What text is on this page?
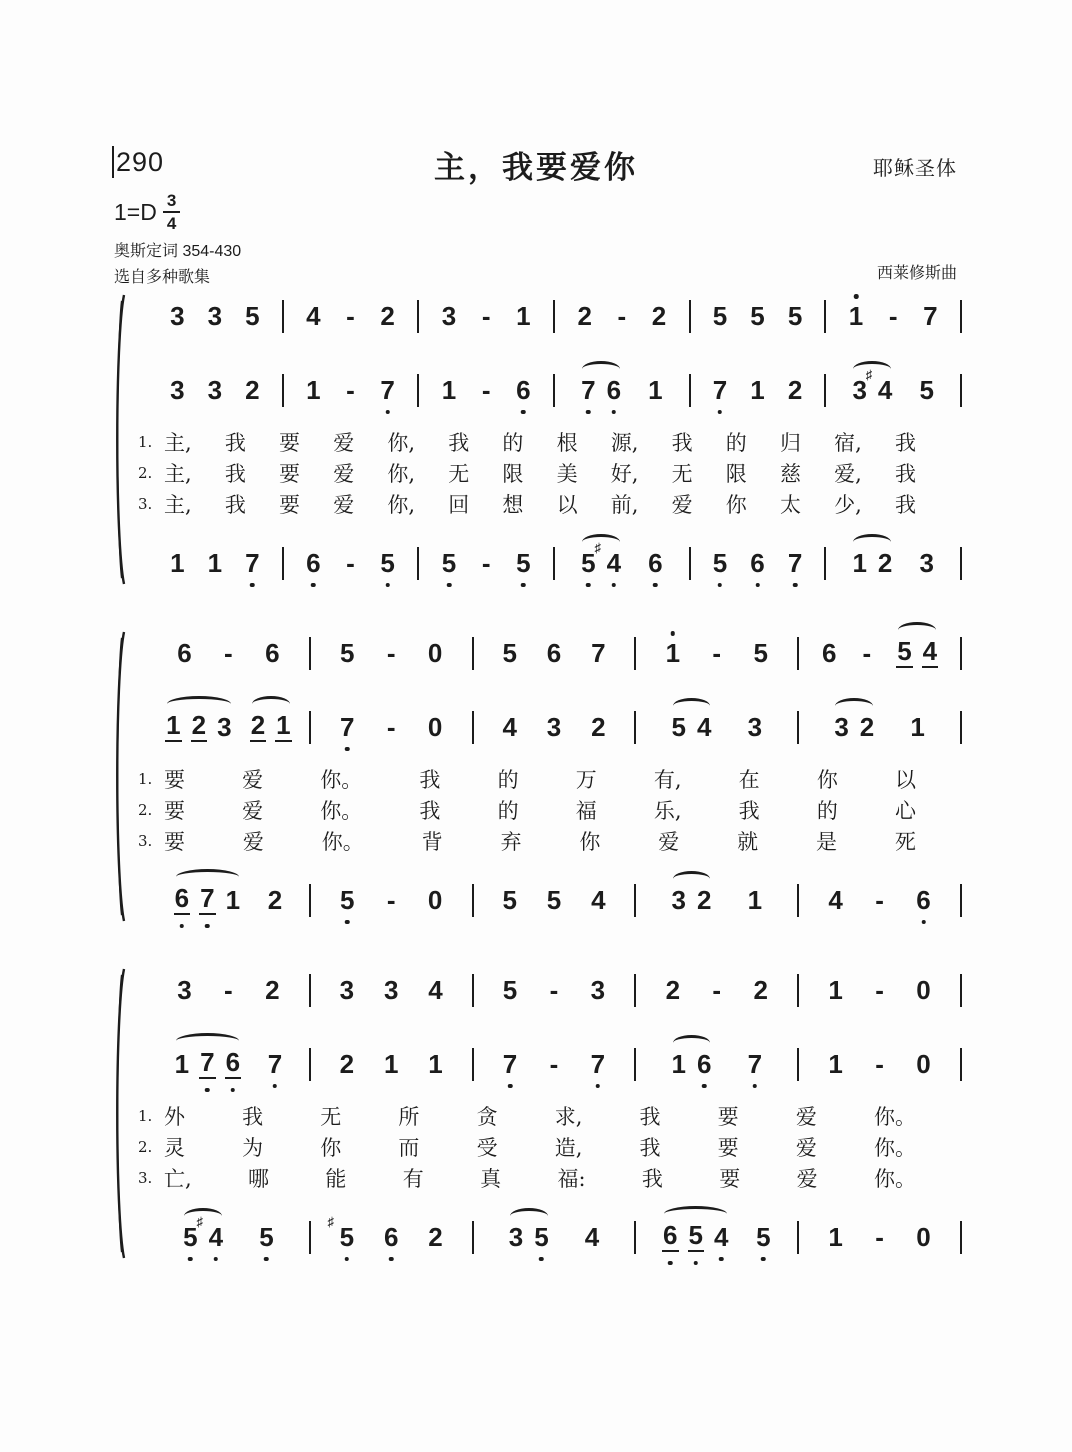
290	主，我要爱你	耶稣圣体
$1=D \frac{3}{4}$
奥斯定词 354-430
选自多种歌集	西莱修斯曲
3 3 5 4 - 2 3 - 1 2 - 2 5 5 5 1 - 7
3 3 2 1 - 7 1 - 6 7 6 1 7 1 2 3
♯
4 5
1. 主, 我 要 爱 你, 我 的 根 源, 我 的 归 宿, 我
2. 主, 我 要 爱 你, 无 限 美 好, 无 限 慈 爱, 我
3. 主, 我 要 爱 你, 回 想 以 前, 爱 你 太 少, 我
1 1 7 6 - 5 5 - 5 5
♯
4 6 5 6 7 1 2 3
6 - 6 5 - 0 5 6 7 1 - 5 6 - 5 4
1 2 3 2 1 7 - 0 4 3 2	5 4 3	3 2 1
1. 要	爱	你。	我	的	万	有,	在	你	以
2. 要	爱	你。	我	的	福	乐,	我	的	心
3. 要	爱	你。	背	弃	你	爱	就	是	死
6 7 1 2 5 - 0 5 5 4	3 2 1	4 - 6
3 - 2 3 3 4 5 - 3 2 - 2 1 - 0
1 7 6 7 2 1 1 7 - 7	1 6 7	1 - 0
1. 外	我	无	所	贪	求,	我	要	爱	你。
2. 灵	为	你	而	受	造,	我	要	爱	你。
3. 亡,	哪	能	有	真	福:	我	要	爱	你。
5
♯
4 5
♯
5 6 2	3 5 4 6 5 4 5 1 - 0
